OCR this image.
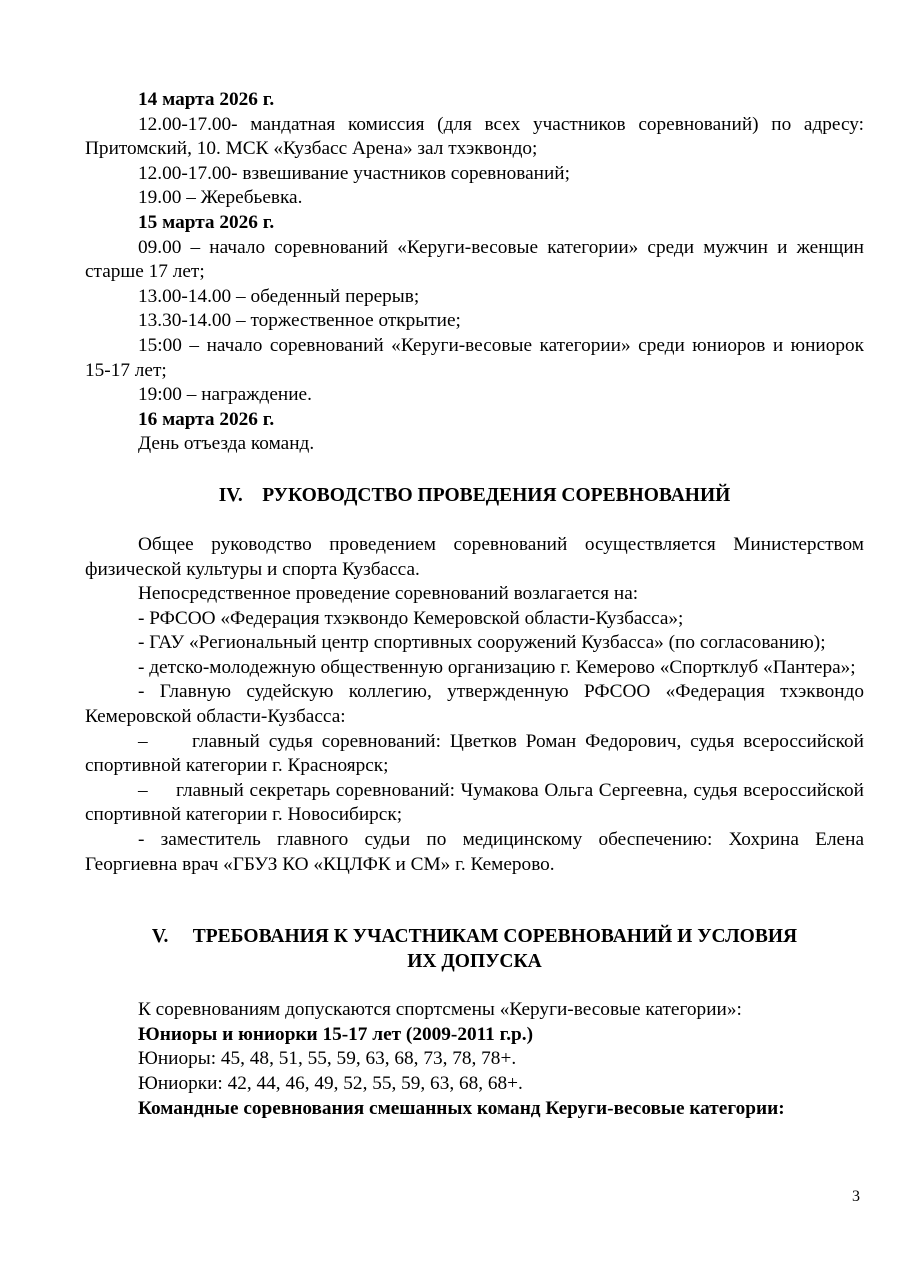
14 марта 2026 г.

12.00-17.00- мандатная комиссия (для всех участников соревнований) по адресу: Притомский, 10. МСК «Кузбасс Арена» зал тхэквондо;

12.00-17.00- взвешивание участников соревнований;

19.00 – Жеребьевка.

15 марта 2026 г.

09.00 – начало соревнований «Керуги-весовые категории» среди мужчин и женщин старше 17 лет;

13.00-14.00 – обеденный перерыв;

13.30-14.00 – торжественное открытие;

15:00 – начало соревнований «Керуги-весовые категории» среди юниоров и юниорок 15-17 лет;

19:00 – награждение.

16 марта 2026 г.

День отъезда команд.

IV.    РУКОВОДСТВО ПРОВЕДЕНИЯ СОРЕВНОВАНИЙ

Общее руководство проведением соревнований осуществляется Министерством физической культуры и спорта Кузбасса.

Непосредственное проведение соревнований возлагается на:

- РФСОО «Федерация тхэквондо Кемеровской области-Кузбасса»;

- ГАУ «Региональный центр спортивных сооружений Кузбасса» (по согласованию);

- детско-молодежную общественную организацию г. Кемерово «Спортклуб «Пантера»;

- Главную судейскую коллегию, утвержденную РФСОО «Федерация тхэквондо Кемеровской области-Кузбасса:

–     главный судья соревнований: Цветков Роман Федорович, судья всероссийской спортивной категории г. Красноярск;

–     главный секретарь соревнований: Чумакова Ольга Сергеевна, судья всероссийской спортивной категории г. Новосибирск;

- заместитель главного судьи по медицинскому обеспечению: Хохрина Елена Георгиевна врач «ГБУЗ КО «КЦЛФК и СМ» г. Кемерово.

V.     ТРЕБОВАНИЯ К УЧАСТНИКАМ СОРЕВНОВАНИЙ И УСЛОВИЯ
ИХ ДОПУСКА

К соревнованиям допускаются спортсмены «Керуги-весовые категории»:

Юниоры и юниорки 15-17 лет (2009-2011 г.р.)

Юниоры: 45, 48, 51, 55, 59, 63, 68, 73, 78, 78+.

Юниорки: 42, 44, 46, 49, 52, 55, 59, 63, 68, 68+.

Командные соревнования смешанных команд Керуги-весовые категории:

3
